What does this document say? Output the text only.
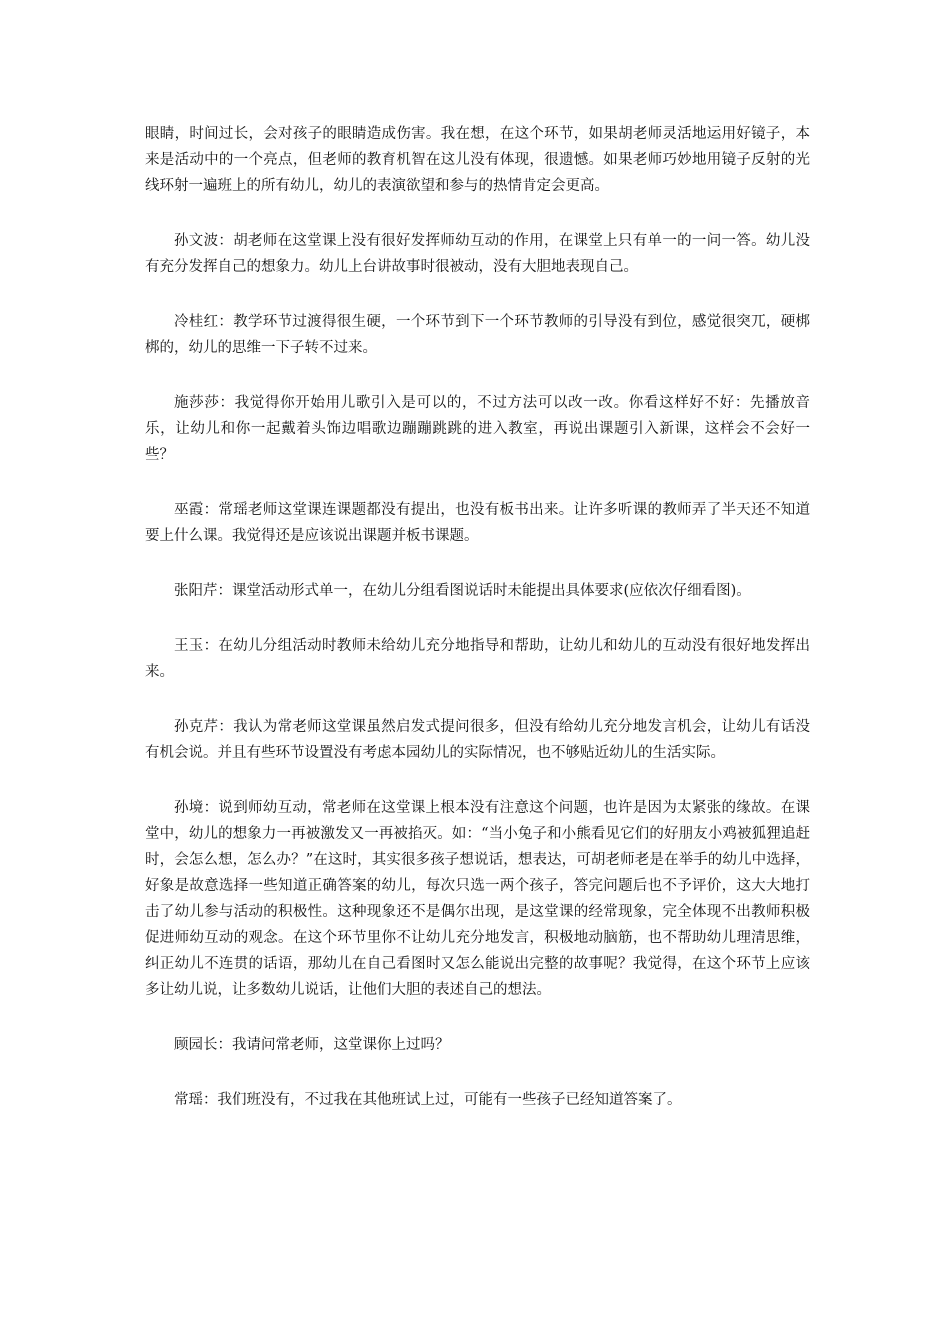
眼睛，时间过长，会对孩子的眼睛造成伤害。我在想，在这个环节，如果胡老师灵活地运用好镜子，本来是活动中的一个亮点，但老师的教育机智在这儿没有体现，很遗憾。如果老师巧妙地用镜子反射的光线环射一遍班上的所有幼儿，幼儿的表演欲望和参与的热情肯定会更高。

孙文波：胡老师在这堂课上没有很好发挥师幼互动的作用，在课堂上只有单一的一问一答。幼儿没有充分发挥自己的想象力。幼儿上台讲故事时很被动，没有大胆地表现自己。

冷桂红：教学环节过渡得很生硬，一个环节到下一个环节教师的引导没有到位，感觉很突兀，硬梆梆的，幼儿的思维一下子转不过来。

施莎莎：我觉得你开始用儿歌引入是可以的，不过方法可以改一改。你看这样好不好：先播放音乐，让幼儿和你一起戴着头饰边唱歌边蹦蹦跳跳的进入教室，再说出课题引入新课，这样会不会好一些？

巫霞：常瑶老师这堂课连课题都没有提出，也没有板书出来。让许多听课的教师弄了半天还不知道要上什么课。我觉得还是应该说出课题并板书课题。

张阳芹：课堂活动形式单一，在幼儿分组看图说话时未能提出具体要求(应依次仔细看图)。

王玉：在幼儿分组活动时教师未给幼儿充分地指导和帮助，让幼儿和幼儿的互动没有很好地发挥出来。

孙克芹：我认为常老师这堂课虽然启发式提问很多，但没有给幼儿充分地发言机会，让幼儿有话没有机会说。并且有些环节设置没有考虑本园幼儿的实际情况，也不够贴近幼儿的生活实际。

孙境：说到师幼互动，常老师在这堂课上根本没有注意这个问题，也许是因为太紧张的缘故。在课堂中，幼儿的想象力一再被激发又一再被掐灭。如：“当小兔子和小熊看见它们的好朋友小鸡被狐狸追赶时，会怎么想，怎么办？”在这时，其实很多孩子想说话，想表达，可胡老师老是在举手的幼儿中选择，好象是故意选择一些知道正确答案的幼儿，每次只选一两个孩子，答完问题后也不予评价，这大大地打击了幼儿参与活动的积极性。这种现象还不是偶尔出现，是这堂课的经常现象，完全体现不出教师积极促进师幼互动的观念。在这个环节里你不让幼儿充分地发言，积极地动脑筋，也不帮助幼儿理清思维，纠正幼儿不连贯的话语，那幼儿在自己看图时又怎么能说出完整的故事呢？我觉得，在这个环节上应该多让幼儿说，让多数幼儿说话，让他们大胆的表述自己的想法。

顾园长：我请问常老师，这堂课你上过吗？

常瑶：我们班没有，不过我在其他班试上过，可能有一些孩子已经知道答案了。
